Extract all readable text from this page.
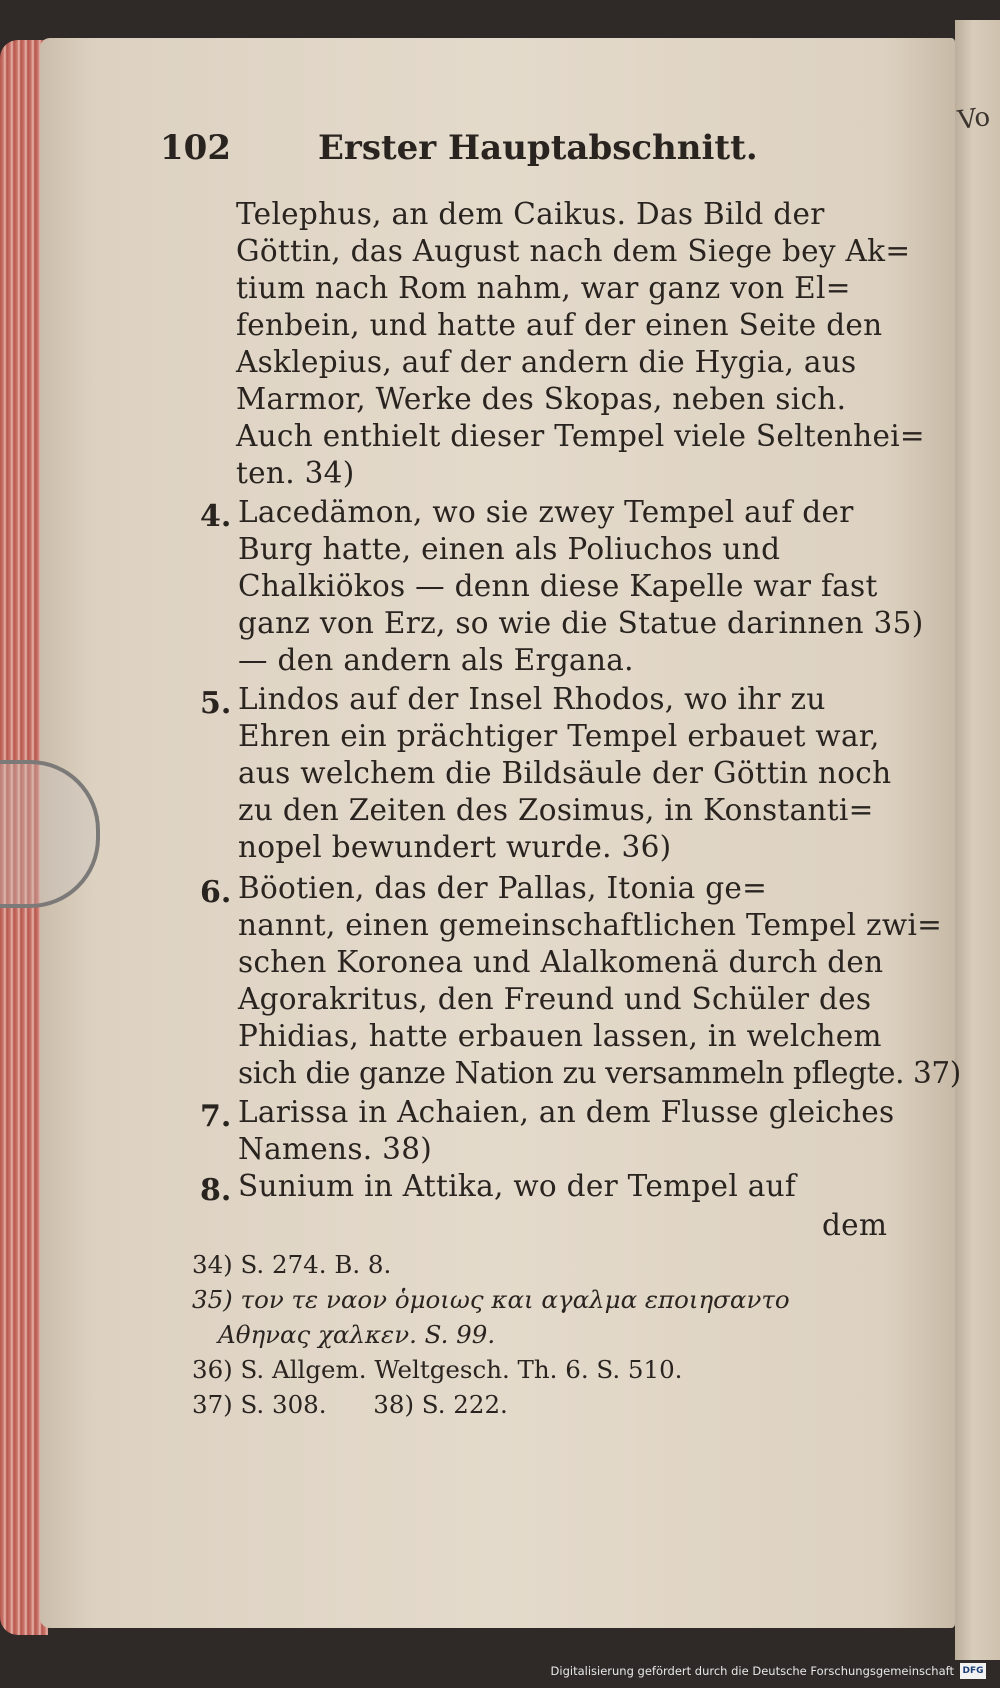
Vo
102	Erster Hauptabschnitt.
Telephus, an dem Caikus. Das Bild der
Göttin, das August nach dem Siege bey Ak=
tium nach Rom nahm, war ganz von El=
fenbein, und hatte auf der einen Seite den
Asklepius, auf der andern die Hygia, aus
Marmor, Werke des Skopas, neben sich.
Auch enthielt dieser Tempel viele Seltenhei=
ten. 34)
4. Lacedämon, wo sie zwey Tempel auf der
Burg hatte, einen als Poliuchos und
Chalkiökos — denn diese Kapelle war fast
ganz von Erz, so wie die Statue darinnen 35)
— den andern als Ergana.
5. Lindos auf der Insel Rhodos, wo ihr zu
Ehren ein prächtiger Tempel erbauet war,
aus welchem die Bildsäule der Göttin noch
zu den Zeiten des Zosimus, in Konstanti=
nopel bewundert wurde. 36)
6. Böotien, das der Pallas, Itonia ge=
nannt, einen gemeinschaftlichen Tempel zwi=
schen Koronea und Alalkomenä durch den
Agorakritus, den Freund und Schüler des
Phidias, hatte erbauen lassen, in welchem
sich die ganze Nation zu versammeln pflegte. 37)
7. Larissa in Achaien, an dem Flusse gleiches
Namens. 38)
8. Sunium in Attika, wo der Tempel auf
dem
34) S. 274. B. 8.
35) τον τε ναον ὁμοιως και αγαλμα εποιησαντο
Αθηνας χαλκεν. S. 99.
36) S. Allgem. Weltgesch. Th. 6. S. 510.
37) S. 308.      38) S. 222.
Digitalisierung gefördert durch die Deutsche Forschungsgemeinschaft DFG
